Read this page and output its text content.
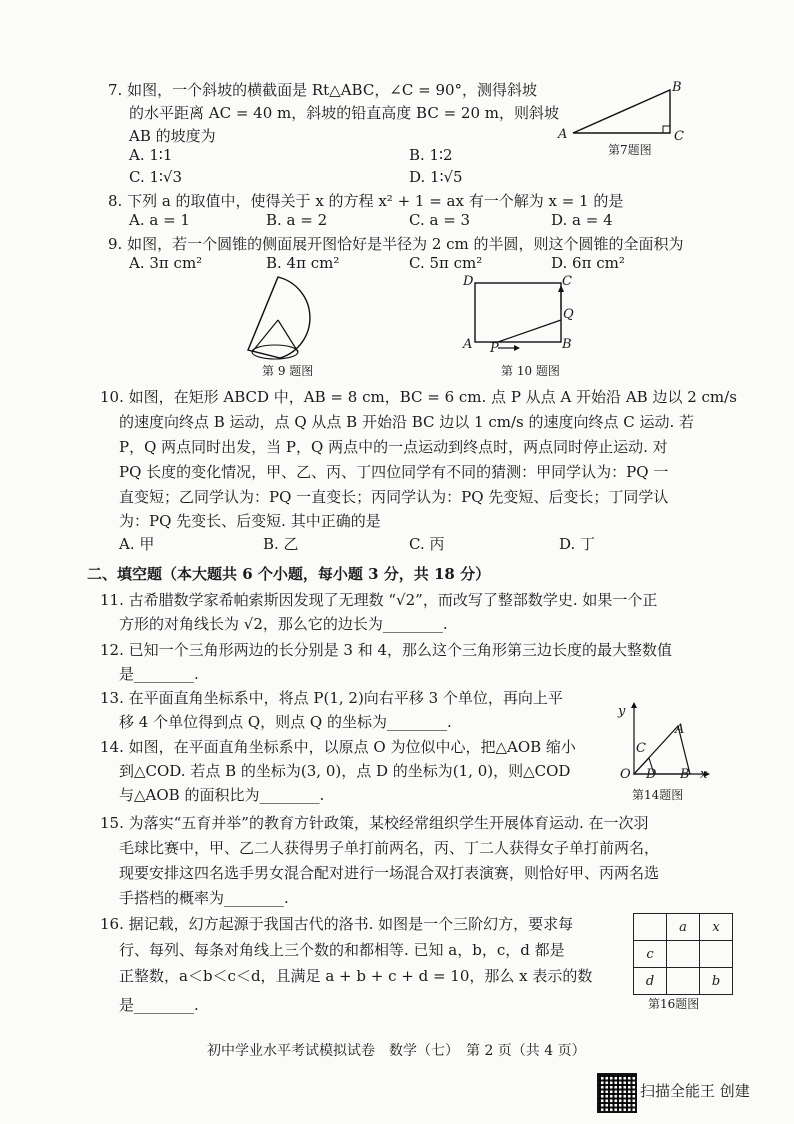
7. 如图，一个斜坡的横截面是 Rt△ABC，∠C = 90°，测得斜坡
的水平距离 AC = 40 m，斜坡的铅直高度 BC = 20 m，则斜坡
AB 的坡度为
A. 1∶1	B. 1∶2
C. 1∶√3	D. 1∶√5
A
B
C
第7题图
8. 下列 a 的取值中，使得关于 x 的方程 x² + 1 = ax 有一个解为 x = 1 的是
A. a = 1	B. a = 2	C. a = 3	D. a = 4
9. 如图，若一个圆锥的侧面展开图恰好是半径为 2 cm 的半圆，则这个圆锥的全面积为
A. 3π cm²	B. 4π cm²	C. 5π cm²	D. 6π cm²
第 9 题图
D	C
Q
A P	B
第 10 题图
10. 如图，在矩形 ABCD 中，AB = 8 cm，BC = 6 cm. 点 P 从点 A 开始沿 AB 边以 2 cm/s
的速度向终点 B 运动，点 Q 从点 B 开始沿 BC 边以 1 cm/s 的速度向终点 C 运动. 若
P，Q 两点同时出发，当 P，Q 两点中的一点运动到终点时，两点同时停止运动. 对
PQ 长度的变化情况，甲、乙、丙、丁四位同学有不同的猜测：甲同学认为：PQ 一
直变短；乙同学认为：PQ 一直变长；丙同学认为：PQ 先变短、后变长；丁同学认
为：PQ 先变长、后变短. 其中正确的是
A. 甲	B. 乙	C. 丙	D. 丁
二、填空题（本大题共 6 个小题，每小题 3 分，共 18 分）
11. 古希腊数学家希帕索斯因发现了无理数 “√2”，而改写了整部数学史. 如果一个正
方形的对角线长为 √2，那么它的边长为________.
12. 已知一个三角形两边的长分别是 3 和 4，那么这个三角形第三边长度的最大整数值
是________.
13. 在平面直角坐标系中，将点 P(1, 2)向右平移 3 个单位，再向上平
移 4 个单位得到点 Q，则点 Q 的坐标为________.
14. 如图，在平面直角坐标系中，以原点 O 为位似中心，把△AOB 缩小
到△COD. 若点 B 的坐标为(3, 0)，点 D 的坐标为(1, 0)，则△COD
与△AOB 的面积比为________.
y
A
C
O D B x
第14题图
15. 为落实“五育并举”的教育方针政策，某校经常组织学生开展体育运动. 在一次羽
毛球比赛中，甲、乙二人获得男子单打前两名，丙、丁二人获得女子单打前两名，
现要安排这四名选手男女混合配对进行一场混合双打表演赛，则恰好甲、丙两名选
手搭档的概率为________.
16. 据记载，幻方起源于我国古代的洛书. 如图是一个三阶幻方，要求每
行、每列、每条对角线上三个数的和都相等. 已知 a，b，c，d 都是
正整数，a＜b＜c＜d，且满足 a + b + c + d = 10，那么 x 表示的数
是________.
	a	x
c		
d		b
第16题图
初中学业水平考试模拟试卷　数学（七）　第 2 页（共 4 页）
扫描全能王 创建
